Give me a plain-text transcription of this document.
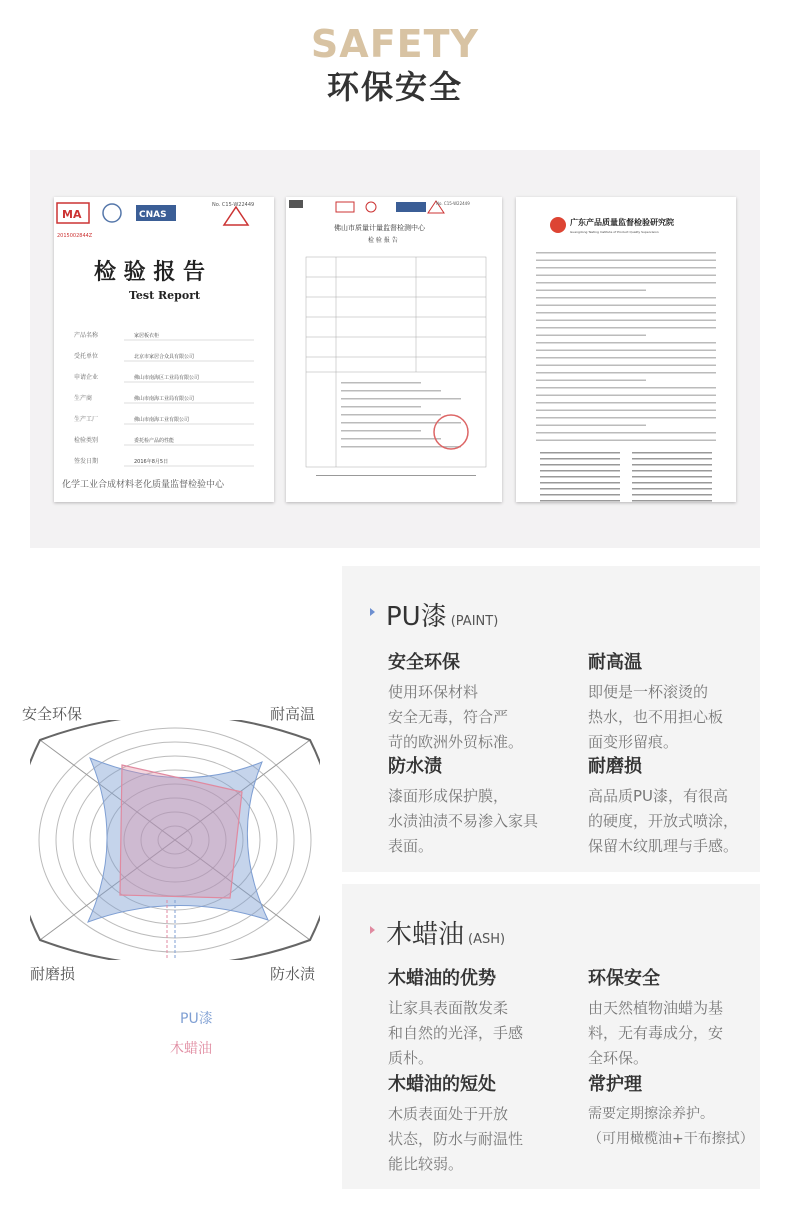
SAFETY
环保安全
MA	CNAS
2015002844Z
No. C15-W22449
检 验 报 告
Test Report
产品名称	家居板衣柜
受托单位	北京市家居合众具有限公司
申请企业	佛山市南海区工业局有限公司
生产商	佛山市南海工业局有限公司
生产工厂	佛山市南海工业有限公司
检验类别	委托检产品的性能
签发日期	2016年8月5日
化学工业合成材料老化质量监督检验中心
No. C15-W22449
佛山市质量计量监督检测中心
检 验 报 告
广东产品质量监督检验研究院
Guangdong Testing Institute of Product Quality Supervision
安全环保	耐高温
耐磨损	防水渍
PU漆
木蜡油
PU漆 (PAINT)
安全环保
使用环保材料
安全无毒，符合严
苛的欧洲外贸标准。
耐高温
即便是一杯滚烫的
热水，也不用担心板
面变形留痕。
防水渍
漆面形成保护膜，
水渍油渍不易渗入家具
表面。
耐磨损
高品质PU漆，有很高
的硬度，开放式喷涂，
保留木纹肌理与手感。
木蜡油 (ASH)
木蜡油的优势
让家具表面散发柔
和自然的光泽，手感
质朴。
环保安全
由天然植物油蜡为基
料，无有毒成分，安
全环保。
木蜡油的短处
木质表面处于开放
状态，防水与耐温性
能比较弱。
常护理
需要定期擦涂养护。
（可用橄榄油+干布擦拭）
